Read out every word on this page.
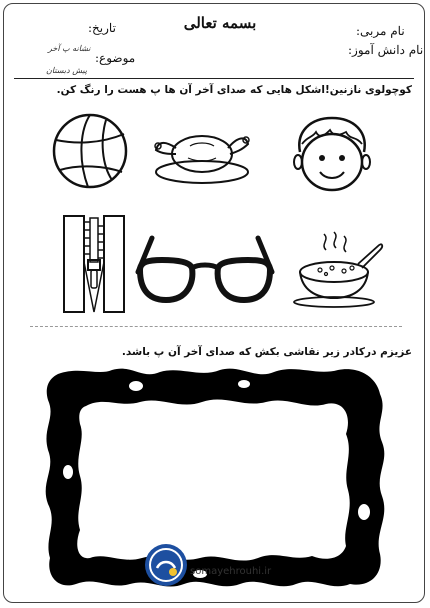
بسمه تعالی
تاریخ:	نام مربی:
موضوع:
نام دانش آموز:
نشانه پ آخر
پیش دبستان
کوچولوی نازنین!اشکل هایی که صدای آخر آن ها پ هست را رنگ کن.
عزیزم درکادر زیر نقاشی بکش که صدای آخر آن پ باشد.
somayehrouhi.ir
